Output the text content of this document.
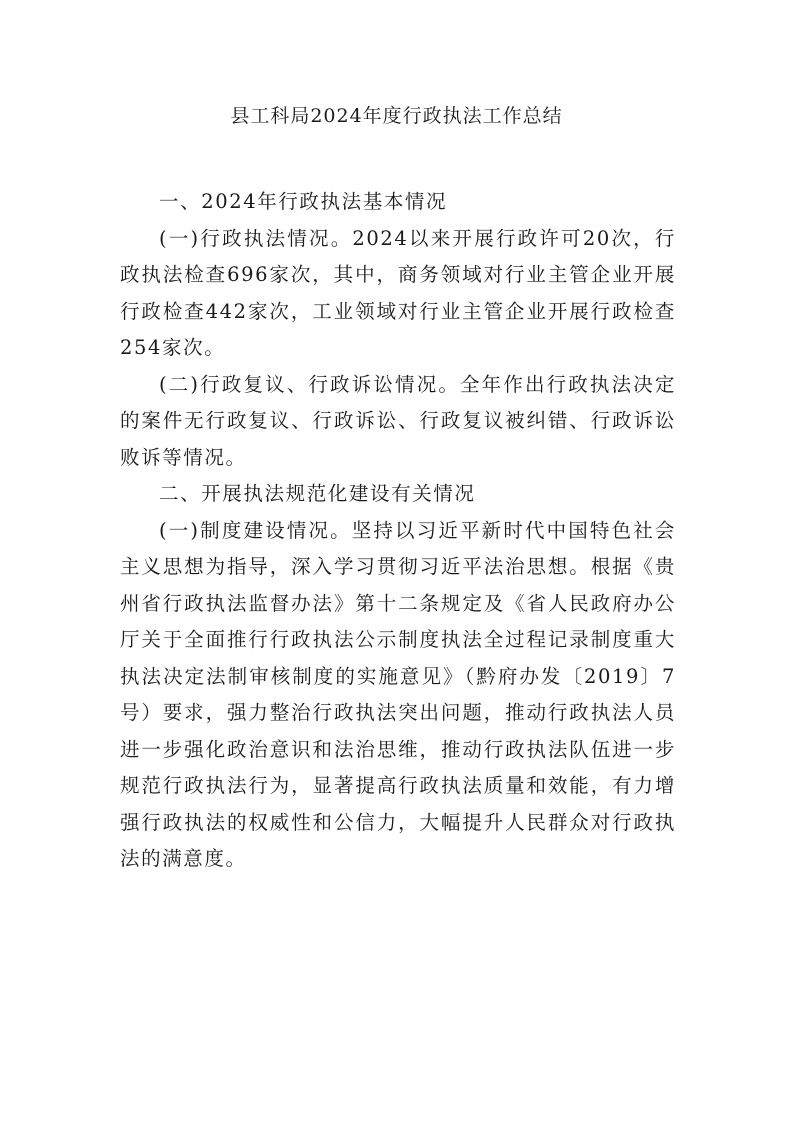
县工科局2024年度行政执法工作总结

一、2024年行政执法基本情况

(一)行政执法情况。2024以来开展行政许可20次，行政执法检查696家次，其中，商务领域对行业主管企业开展行政检查442家次，工业领域对行业主管企业开展行政检查254家次。

(二)行政复议、行政诉讼情况。全年作出行政执法决定的案件无行政复议、行政诉讼、行政复议被纠错、行政诉讼败诉等情况。

二、开展执法规范化建设有关情况

(一)制度建设情况。坚持以习近平新时代中国特色社会主义思想为指导，深入学习贯彻习近平法治思想。根据《贵州省行政执法监督办法》第十二条规定及《省人民政府办公厅关于全面推行行政执法公示制度执法全过程记录制度重大执法决定法制审核制度的实施意见》（黔府办发〔2019〕7号）要求，强力整治行政执法突出问题，推动行政执法人员进一步强化政治意识和法治思维，推动行政执法队伍进一步规范行政执法行为，显著提高行政执法质量和效能，有力增强行政执法的权威性和公信力，大幅提升人民群众对行政执法的满意度。
